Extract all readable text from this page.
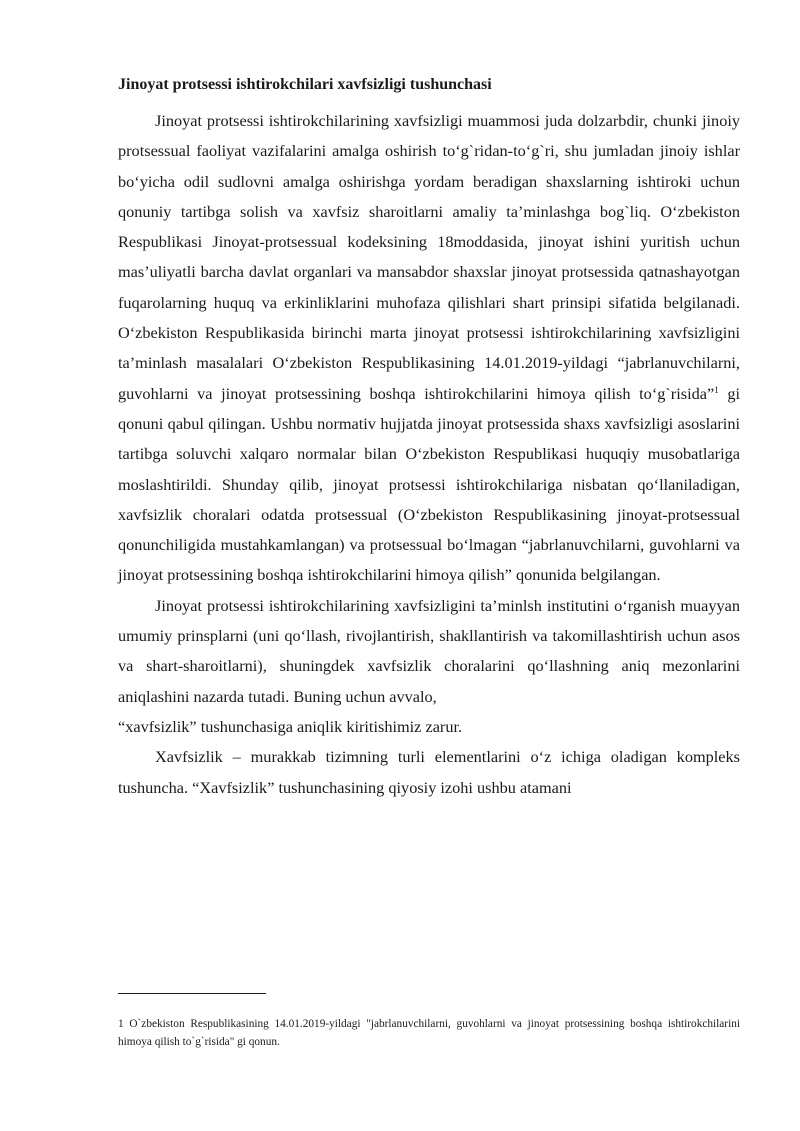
Jinoyat protsessi ishtirokchilari xavfsizligi tushunchasi

Jinoyat protsessi ishtirokchilarining xavfsizligi muammosi juda dolzarbdir, chunki jinoiy protsessual faoliyat vazifalarini amalga oshirish to‘g`ridan-to‘g`ri, shu jumladan jinoiy ishlar bo‘yicha odil sudlovni amalga oshirishga yordam beradigan shaxslarning ishtiroki uchun qonuniy tartibga solish va xavfsiz sharoitlarni amaliy ta’minlashga bog`liq. O‘zbekiston Respublikasi Jinoyat-protsessual kodeksining 18moddasida, jinoyat ishini yuritish uchun mas’uliyatli barcha davlat organlari va mansabdor shaxslar jinoyat protsessida qatnashayotgan fuqarolarning huquq va erkinliklarini muhofaza qilishlari shart prinsipi sifatida belgilanadi. O‘zbekiston Respublikasida birinchi marta jinoyat protsessi ishtirokchilarining xavfsizligini ta’minlash masalalari O‘zbekiston Respublikasining 14.01.2019-yildagi “jabrlanuvchilarni, guvohlarni va jinoyat protsessining boshqa ishtirokchilarini himoya qilish to‘g`risida”$^1$ gi qonuni qabul qilingan. Ushbu normativ hujjatda jinoyat protsessida shaxs xavfsizligi asoslarini tartibga soluvchi xalqaro normalar bilan O‘zbekiston Respublikasi huquqiy musobatlariga moslashtirildi. Shunday qilib, jinoyat protsessi ishtirokchilariga nisbatan qo‘llaniladigan, xavfsizlik choralari odatda protsessual (O‘zbekiston Respublikasining jinoyat-protsessual qonunchiligida mustahkamlangan) va protsessual bo‘lmagan “jabrlanuvchilarni, guvohlarni va jinoyat protsessining boshqa ishtirokchilarini himoya qilish” qonunida belgilangan.

Jinoyat protsessi ishtirokchilarining xavfsizligini ta’minlsh institutini o‘rganish muayyan umumiy prinsplarni (uni qo‘llash, rivojlantirish, shakllantirish va takomillashtirish uchun asos va shart-sharoitlarni), shuningdek xavfsizlik choralarini qo‘llashning aniq mezonlarini aniqlashini nazarda tutadi. Buning uchun avvalo,

“xavfsizlik” tushunchasiga aniqlik kiritishimiz zarur.

Xavfsizlik – murakkab tizimning turli elementlarini o‘z ichiga oladigan kompleks tushuncha. “Xavfsizlik” tushunchasining qiyosiy izohi ushbu atamani

1 O`zbekiston Respublikasining 14.01.2019-yildagi "jabrlanuvchilarni, guvohlarni va jinoyat protsessining boshqa ishtirokchilarini himoya qilish to`g`risida" gi qonun.
